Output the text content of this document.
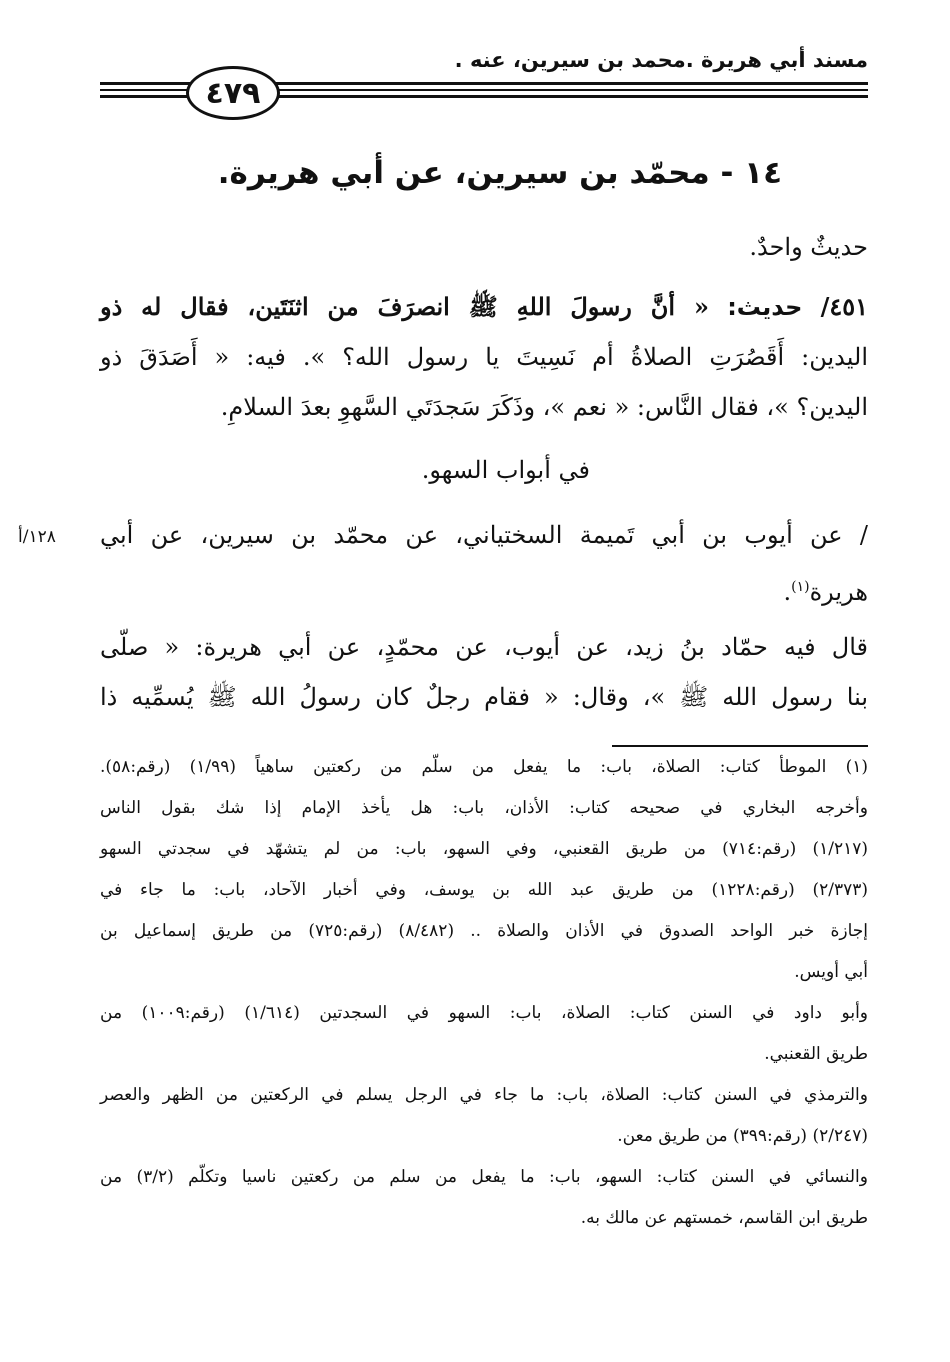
مسند أبي هريرة .محمد بن سيرين، عنه .
٤٧٩
١٤ - محمّد بن سيرين، عن أبي هريرة.
حديثٌ واحدٌ.
٤٥١/ حديث: « أنَّ رسولَ اللهِ ﷺ انصرَفَ من اثنَتَين، فقال له ذو
اليدين: أَقَصُرَتِ الصلاةُ أم نَسِيتَ يا رسول الله؟ ». فيه: « أَصَدَقَ ذو
اليدين؟ »، فقال النَّاس: « نعم »، وذَكَرَ سَجدَتَي السَّهوِ بعدَ السلامِ.
في أبواب السهو.
/ عن أيوب بن أبي تَميمة السختياني، عن محمّد بن سيرين، عن أبي
١٢٨/أ
هريرة$^{(١)}$.
قال فيه حمّاد بنُ زيد، عن أيوب، عن محمّدٍ، عن أبي هريرة: « صلّى
بنا رسول الله ﷺ »، وقال: « فقام رجلٌ كان رسولُ الله ﷺ يُسمِّيه ذا
(١) الموطأ كتاب: الصلاة، باب: ما يفعل من سلّم من ركعتين ساهياً (١/٩٩) (رقم:٥٨).
وأخرجه البخاري في صحيحه كتاب: الأذان، باب: هل يأخذ الإمام إذا شك بقول الناس
(١/٢١٧) (رقم:٧١٤) من طريق القعنبي، وفي السهو، باب: من لم يتشهّد في سجدتي السهو
(٢/٣٧٣) (رقم:١٢٢٨) من طريق عبد الله بن يوسف، وفي أخبار الآحاد، باب: ما جاء في
إجازة خبر الواحد الصدوق في الأذان والصلاة .. (٨/٤٨٢) (رقم:٧٢٥) من طريق إسماعيل بن
أبي أويس.
وأبو داود في السنن كتاب: الصلاة، باب: السهو في السجدتين (١/٦١٤) (رقم:١٠٠٩) من
طريق القعنبي.
والترمذي في السنن كتاب: الصلاة، باب: ما جاء في الرجل يسلم في الركعتين من الظهر والعصر
(٢/٢٤٧) (رقم:٣٩٩) من طريق معن.
والنسائي في السنن كتاب: السهو، باب: ما يفعل من سلم من ركعتين ناسيا وتكلّم (٣/٢) من
طريق ابن القاسم، خمستهم عن مالك به.
